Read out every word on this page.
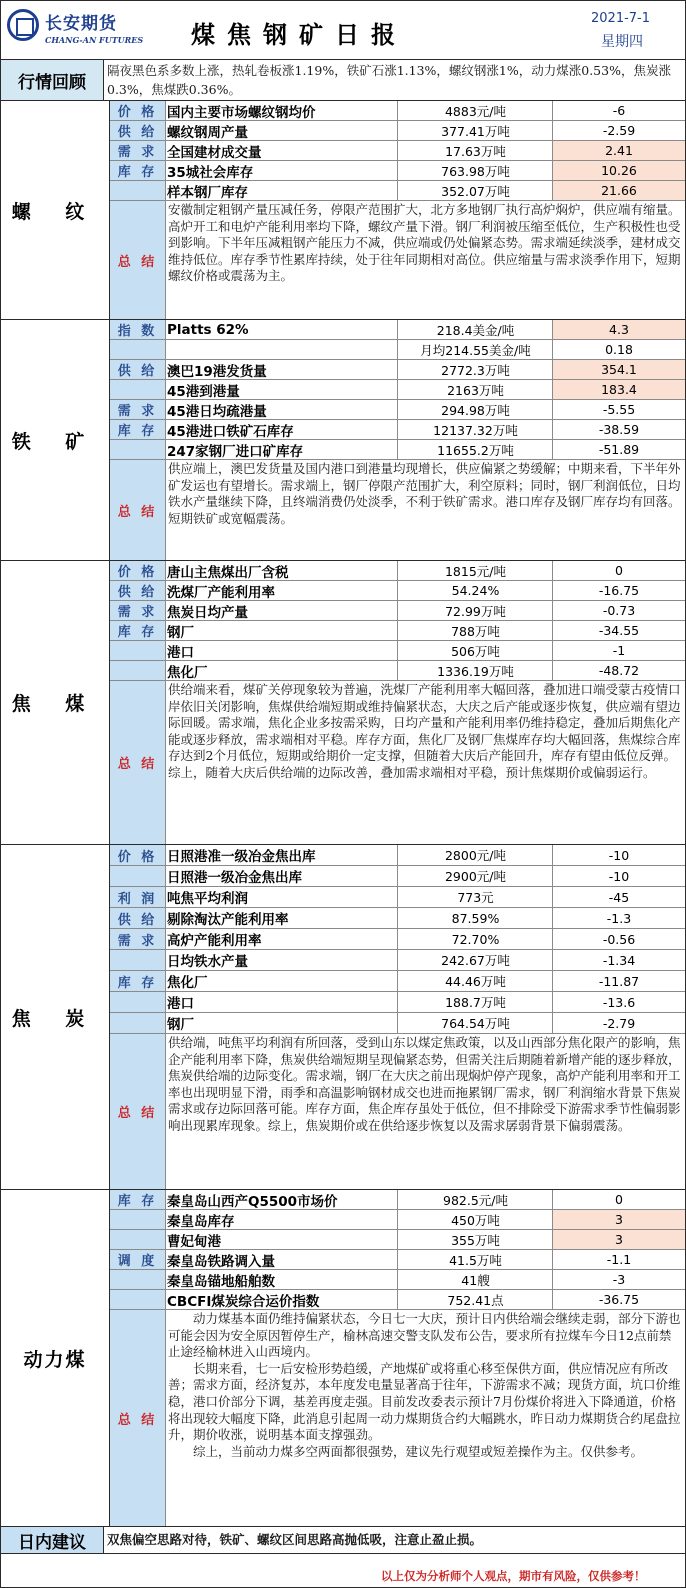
长安期货
CHANG-AN FUTURES 煤焦钢矿日报
2021-7-1
星期四
行情回顾
隔夜黑色系多数上涨，热轧卷板涨1.19%，铁矿石涨1.13%，螺纹钢涨1%，动力煤涨0.53%，焦炭涨0.3%，焦煤跌0.36%。
螺 纹
价 格 国内主要市场螺纹钢均价	4883元/吨	-6
供 给 螺纹钢周产量	377.41万吨	-2.59
需 求 全国建材成交量	17.63万吨	2.41
库 存 35城社会库存	763.98万吨	10.26
样本钢厂库存	352.07万吨	21.66
总 结
安徽制定粗钢产量压减任务，停限产范围扩大，北方多地钢厂执行高炉焖炉，供应端有缩量。高炉开工和电炉产能利用率均下降，螺纹产量下滑。钢厂利润被压缩至低位，生产积极性也受到影响。下半年压减粗钢产能压力不减，供应端或仍处偏紧态势。需求端延续淡季，建材成交维持低位。库存季节性累库持续，处于往年同期相对高位。供应缩量与需求淡季作用下，短期螺纹价格或震荡为主。
铁 矿
指 数 Platts 62%	218.4美金/吨	4.3
月均214.55美金/吨	0.18
供 给 澳巴19港发货量	2772.3万吨	354.1
45港到港量	2163万吨	183.4
需 求 45港日均疏港量	294.98万吨	-5.55
库 存 45港进口铁矿石库存	12137.32万吨	-38.59
247家钢厂进口矿库存	11655.2万吨	-51.89
总 结
供应端上，澳巴发货量及国内港口到港量均现增长，供应偏紧之势缓解；中期来看，下半年外矿发运也有望增长。需求端上，钢厂停限产范围扩大，利空原料；同时，钢厂利润低位，日均铁水产量继续下降，且终端消费仍处淡季，不利于铁矿需求。港口库存及钢厂库存均有回落。短期铁矿或宽幅震荡。
焦 煤
价 格 唐山主焦煤出厂含税	1815元/吨	0
供 给 洗煤厂产能利用率	54.24%	-16.75
需 求 焦炭日均产量	72.99万吨	-0.73
库 存 钢厂	788万吨	-34.55
港口	506万吨	-1
焦化厂	1336.19万吨	-48.72
总 结
供给端来看，煤矿关停现象较为普遍，洗煤厂产能利用率大幅回落，叠加进口端受蒙古疫情口岸依旧关闭影响，焦煤供给端短期或维持偏紧状态，大庆之后产能或逐步恢复，供应端有望边际回暖。需求端，焦化企业多按需采购，日均产量和产能利用率仍维持稳定，叠加后期焦化产能或逐步释放，需求端相对平稳。库存方面，焦化厂及钢厂焦煤库存均大幅回落，焦煤综合库存达到2个月低位，短期或给期价一定支撑，但随着大庆后产能回升，库存有望由低位反弹。综上，随着大庆后供给端的边际改善，叠加需求端相对平稳，预计焦煤期价或偏弱运行。
焦 炭
价 格 日照港准一级冶金焦出库	2800元/吨	-10
日照港一级冶金焦出库	2900元/吨	-10
利 润 吨焦平均利润	773元	-45
供 给 剔除淘汰产能利用率	87.59%	-1.3
需 求 高炉产能利用率	72.70%	-0.56
日均铁水产量	242.67万吨	-1.34
库 存 焦化厂	44.46万吨	-11.87
港口	188.7万吨	-13.6
钢厂	764.54万吨	-2.79
总 结
供给端，吨焦平均利润有所回落，受到山东以煤定焦政策，以及山西部分焦化限产的影响，焦企产能利用率下降，焦炭供给端短期呈现偏紧态势，但需关注后期随着新增产能的逐步释放，焦炭供给端的边际变化。需求端，钢厂在大庆之前出现焖炉停产现象，高炉产能利用率和开工率也出现明显下滑，雨季和高温影响钢材成交也进而拖累钢厂需求，钢厂利润缩水背景下焦炭需求或存边际回落可能。库存方面，焦企库存虽处于低位，但不排除受下游需求季节性偏弱影响出现累库现象。综上，焦炭期价或在供给逐步恢复以及需求孱弱背景下偏弱震荡。
动力煤
库 存 秦皇岛山西产Q5500市场价	982.5元/吨	0
秦皇岛库存	450万吨	3
曹妃甸港	355万吨	3
调 度 秦皇岛铁路调入量	41.5万吨	-1.1
秦皇岛锚地船舶数	41艘	-3
CBCFI煤炭综合运价指数	752.41点	-36.75
总 结
动力煤基本面仍维持偏紧状态，今日七一大庆，预计日内供给端会继续走弱，部分下游也可能会因为安全原因暂停生产，榆林高速交警支队发布公告，要求所有拉煤车今日12点前禁止途经榆林进入山西境内。
长期来看，七一后安检形势趋缓，产地煤矿或将重心移至保供方面，供应情况应有所改善；需求方面，经济复苏，本年度发电量显著高于往年，下游需求不减；现货方面，坑口价维稳，港口价部分下调，基差再度走强。目前发改委表示预计7月份煤价将进入下降通道，价格将出现较大幅度下降，此消息引起周一动力煤期货合约大幅跳水，昨日动力煤期货合约尾盘拉升，期价收涨，说明基本面支撑强劲。
综上，当前动力煤多空两面都很强势，建议先行观望或短差操作为主。仅供参考。
日内建议	双焦偏空思路对待，铁矿、螺纹区间思路高抛低吸，注意止盈止损。
以上仅为分析师个人观点，期市有风险，仅供参考！
